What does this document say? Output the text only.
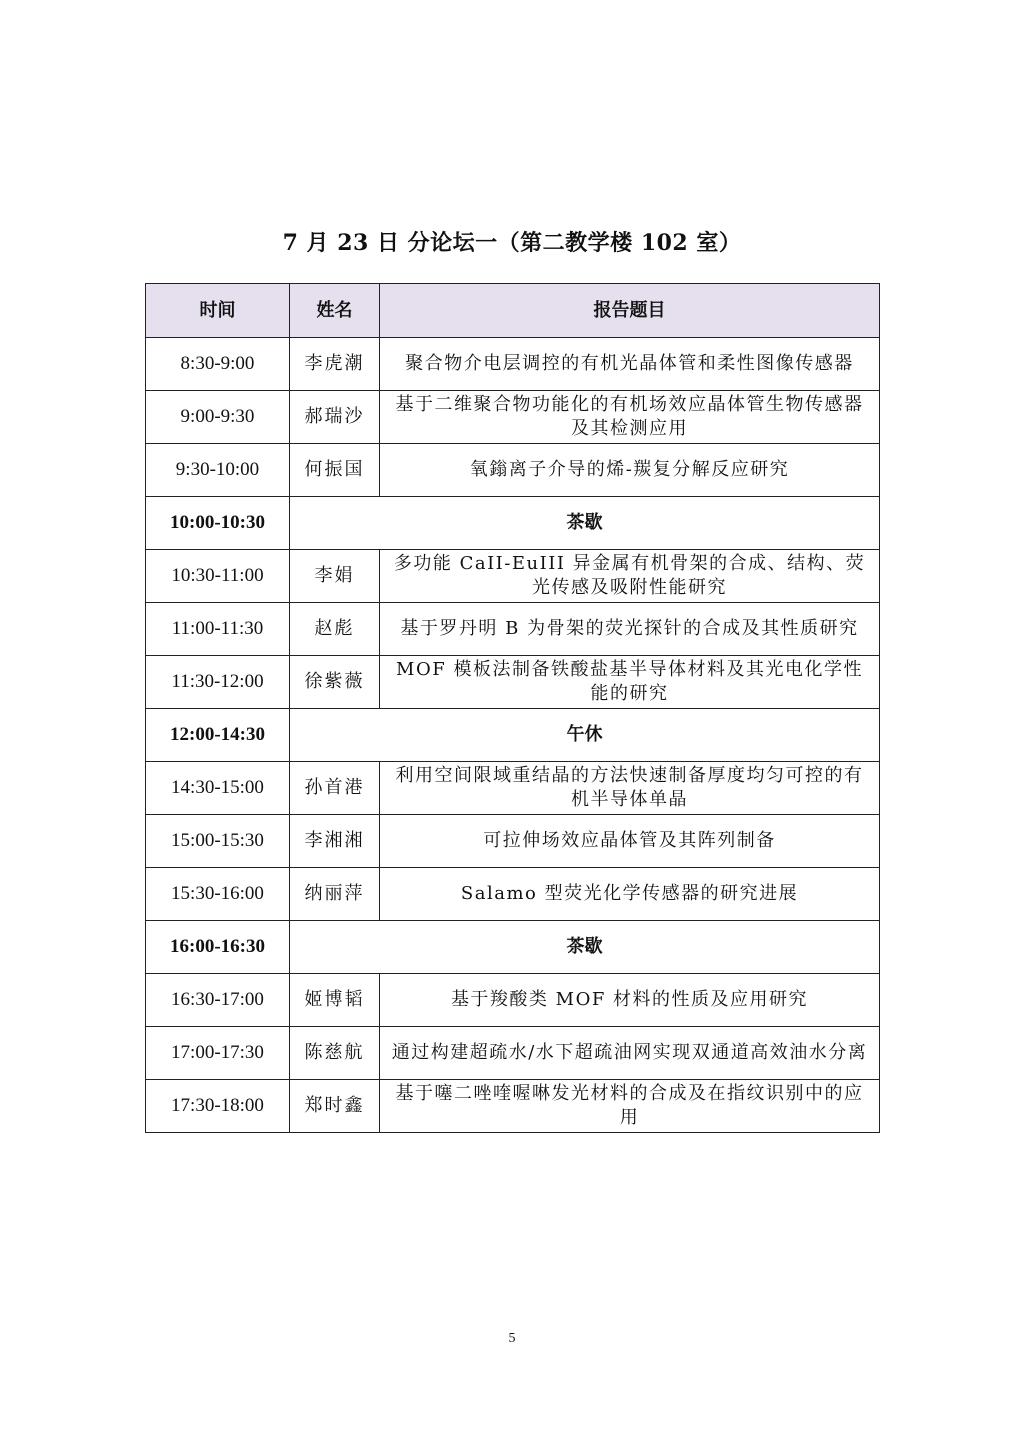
7 月 23 日 分论坛一（第二教学楼 102 室）
时间	姓名	报告题目
8:30-9:00	李虎潮	聚合物介电层调控的有机光晶体管和柔性图像传感器
9:00-9:30	郝瑞沙	基于二维聚合物功能化的有机场效应晶体管生物传感器及其检测应用
9:30-10:00	何振国	氧鎓离子介导的烯-羰复分解反应研究
10:00-10:30	茶歇	
10:30-11:00	李娟	多功能 CaII-EuIII 异金属有机骨架的合成、结构、荧光传感及吸附性能研究
11:00-11:30	赵彪	基于罗丹明 B 为骨架的荧光探针的合成及其性质研究
11:30-12:00	徐紫薇	MOF 模板法制备铁酸盐基半导体材料及其光电化学性能的研究
12:00-14:30	午休	
14:30-15:00	孙首港	利用空间限域重结晶的方法快速制备厚度均匀可控的有机半导体单晶
15:00-15:30	李湘湘	可拉伸场效应晶体管及其阵列制备
15:30-16:00	纳丽萍	Salamo 型荧光化学传感器的研究进展
16:00-16:30	茶歇	
16:30-17:00	姬博韬	基于羧酸类 MOF 材料的性质及应用研究
17:00-17:30	陈慈航	通过构建超疏水/水下超疏油网实现双通道高效油水分离
17:30-18:00	郑时鑫	基于噻二唑喹喔啉发光材料的合成及在指纹识别中的应用
5
